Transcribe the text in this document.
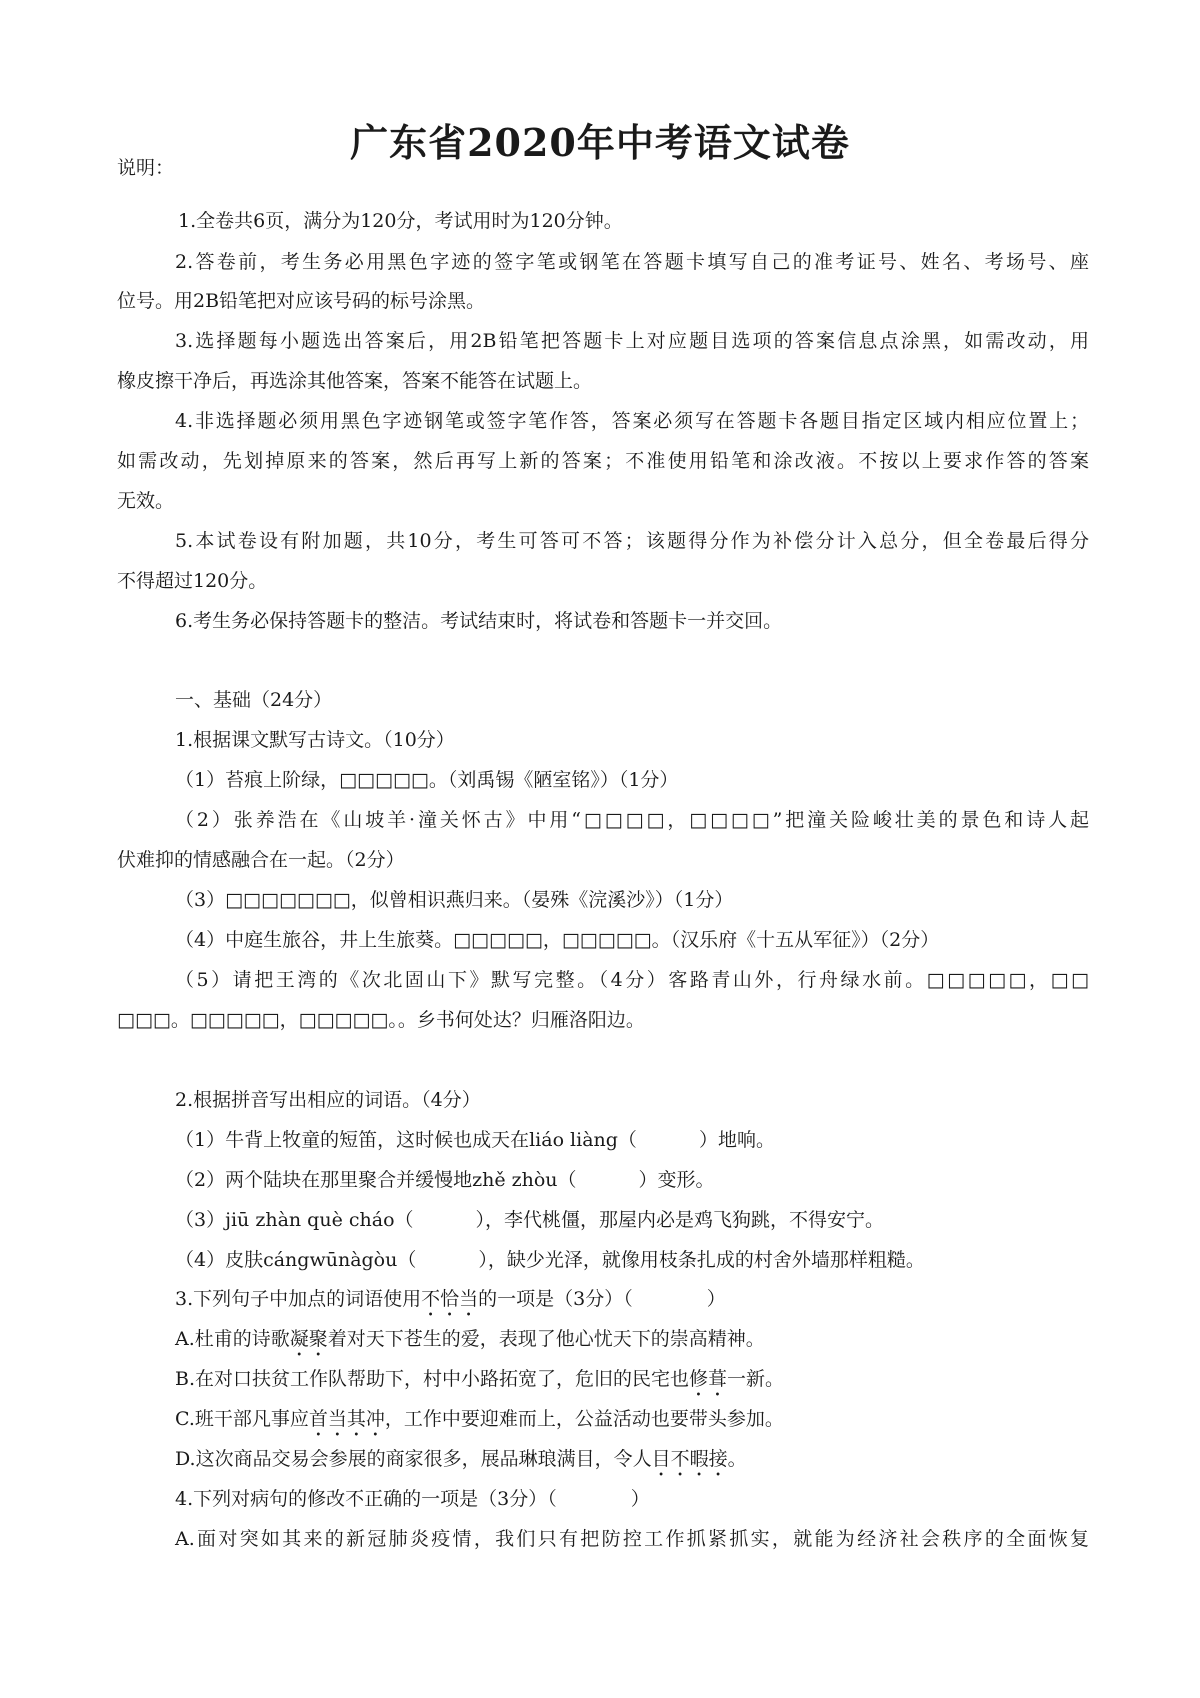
广东省2020年中考语文试卷

说明：

1.全卷共6页，满分为120分，考试用时为120分钟。

2.答卷前，考生务必用黑色字迹的签字笔或钢笔在答题卡填写自己的准考证号、姓名、考场号、座

位号。用2B铅笔把对应该号码的标号涂黑。

3.选择题每小题选出答案后，用2B铅笔把答题卡上对应题目选项的答案信息点涂黑，如需改动，用

橡皮擦干净后，再选涂其他答案，答案不能答在试题上。

4.非选择题必须用黑色字迹钢笔或签字笔作答，答案必须写在答题卡各题目指定区域内相应位置上；

如需改动，先划掉原来的答案，然后再写上新的答案；不准使用铅笔和涂改液。不按以上要求作答的答案

无效。

5.本试卷设有附加题，共10分，考生可答可不答；该题得分作为补偿分计入总分，但全卷最后得分

不得超过120分。

6.考生务必保持答题卡的整洁。考试结束时，将试卷和答题卡一并交回。

一、基础（24分）

1.根据课文默写古诗文。（10分）

（1）苔痕上阶绿，□□□□□。（刘禹锡《陋室铭》）（1分）

（2）张养浩在《山坡羊·潼关怀古》中用“□□□□，□□□□”把潼关险峻壮美的景色和诗人起

伏难抑的情感融合在一起。（2分）

（3）□□□□□□□，似曾相识燕归来。（晏殊《浣溪沙》）（1分）

（4）中庭生旅谷，井上生旅葵。□□□□□，□□□□□。（汉乐府《十五从军征》）（2分）

（5）请把王湾的《次北固山下》默写完整。（4分）客路青山外，行舟绿水前。□□□□□，□□

□□□。□□□□□，□□□□□。。乡书何处达？归雁洛阳边。

2.根据拼音写出相应的词语。（4分）

（1）牛背上牧童的短笛，这时候也成天在liáo liàng（	）地响。

（2）两个陆块在那里聚合并缓慢地zhě zhòu（	）变形。

（3）jiū zhàn què cháo（	），李代桃僵，那屋内必是鸡飞狗跳，不得安宁。

（4）皮肤cángwūnàgòu（	），缺少光泽，就像用枝条扎成的村舍外墙那样粗糙。

3.下列句子中加点的词语使用不恰当的一项是（3分）（	）

A.杜甫的诗歌凝聚着对天下苍生的爱，表现了他心忧天下的崇高精神。

B.在对口扶贫工作队帮助下，村中小路拓宽了，危旧的民宅也修葺一新。

C.班干部凡事应首当其冲，工作中要迎难而上，公益活动也要带头参加。

D.这次商品交易会参展的商家很多，展品琳琅满目，令人目不暇接。

4.下列对病句的修改不正确的一项是（3分）（	）

A.面对突如其来的新冠肺炎疫情，我们只有把防控工作抓紧抓实，就能为经济社会秩序的全面恢复
